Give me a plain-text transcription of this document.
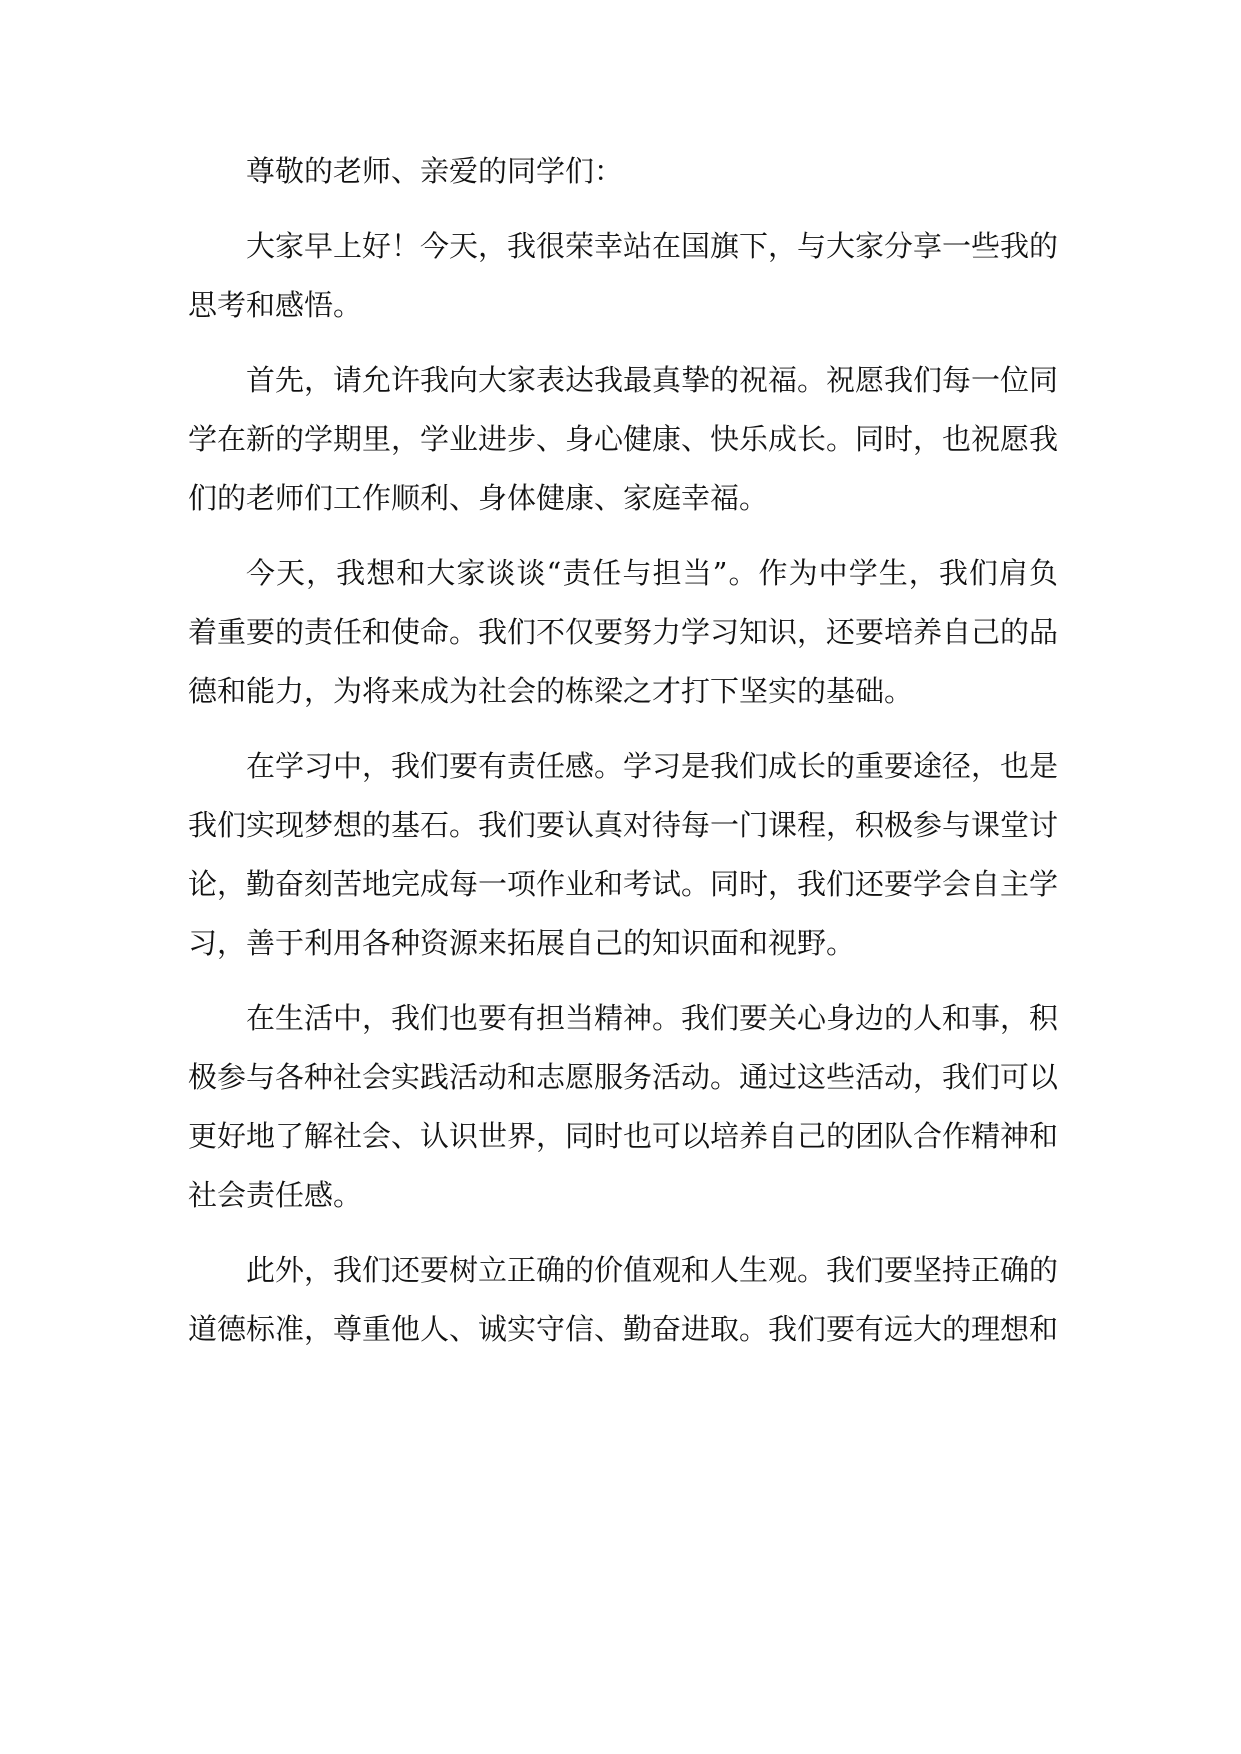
尊敬的老师、亲爱的同学们：

大家早上好！今天，我很荣幸站在国旗下，与大家分享一些我的思考和感悟。

首先，请允许我向大家表达我最真挚的祝福。祝愿我们每一位同学在新的学期里，学业进步、身心健康、快乐成长。同时，也祝愿我们的老师们工作顺利、身体健康、家庭幸福。

今天，我想和大家谈谈“责任与担当”。作为中学生，我们肩负着重要的责任和使命。我们不仅要努力学习知识，还要培养自己的品德和能力，为将来成为社会的栋梁之才打下坚实的基础。

在学习中，我们要有责任感。学习是我们成长的重要途径，也是我们实现梦想的基石。我们要认真对待每一门课程，积极参与课堂讨论，勤奋刻苦地完成每一项作业和考试。同时，我们还要学会自主学习，善于利用各种资源来拓展自己的知识面和视野。

在生活中，我们也要有担当精神。我们要关心身边的人和事，积极参与各种社会实践活动和志愿服务活动。通过这些活动，我们可以更好地了解社会、认识世界，同时也可以培养自己的团队合作精神和社会责任感。

此外，我们还要树立正确的价值观和人生观。我们要坚持正确的道德标准，尊重他人、诚实守信、勤奋进取。我们要有远大的理想和
